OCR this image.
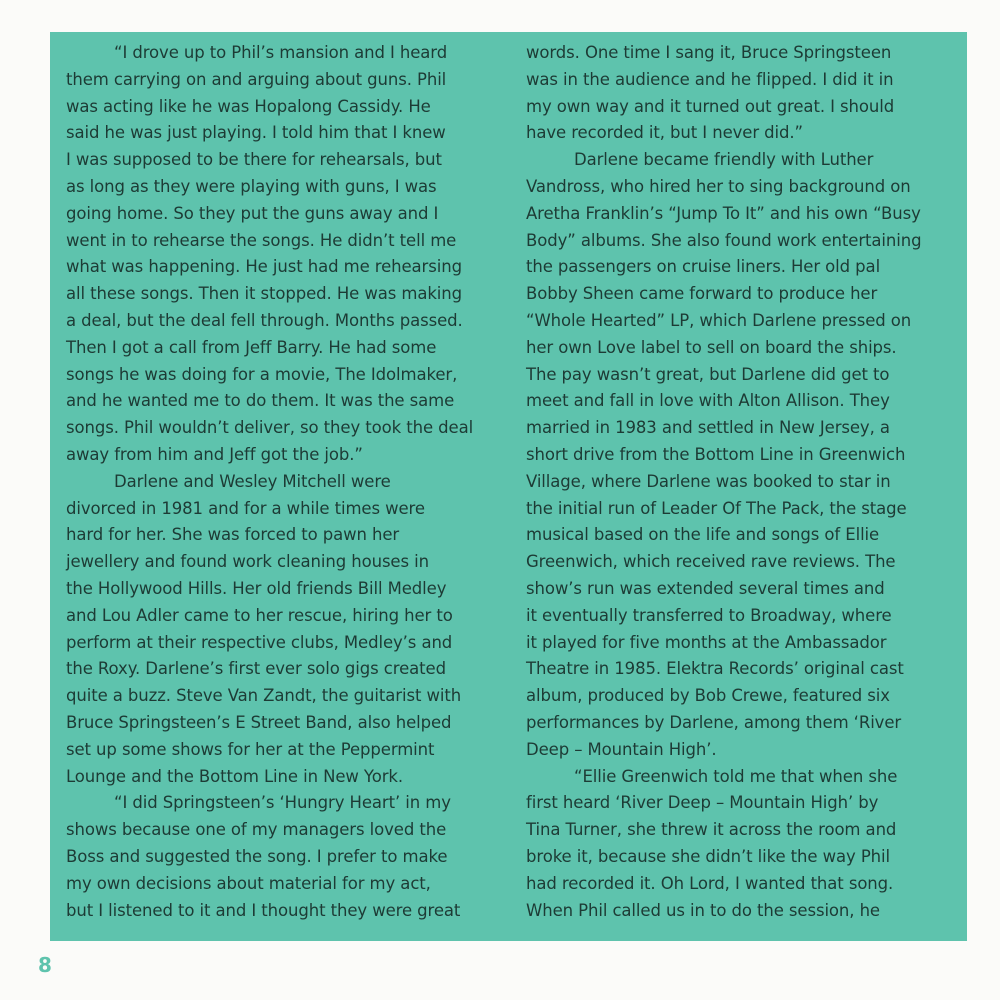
“I drove up to Phil’s mansion and I heard
them carrying on and arguing about guns. Phil
was acting like he was Hopalong Cassidy. He
said he was just playing. I told him that I knew
I was supposed to be there for rehearsals, but
as long as they were playing with guns, I was
going home. So they put the guns away and I
went in to rehearse the songs. He didn’t tell me
what was happening. He just had me rehearsing
all these songs. Then it stopped. He was making
a deal, but the deal fell through. Months passed.
Then I got a call from Jeff Barry. He had some
songs he was doing for a movie, The Idolmaker,
and he wanted me to do them. It was the same
songs. Phil wouldn’t deliver, so they took the deal
away from him and Jeff got the job.”
Darlene and Wesley Mitchell were
divorced in 1981 and for a while times were
hard for her. She was forced to pawn her
jewellery and found work cleaning houses in
the Hollywood Hills. Her old friends Bill Medley
and Lou Adler came to her rescue, hiring her to
perform at their respective clubs, Medley’s and
the Roxy. Darlene’s first ever solo gigs created
quite a buzz. Steve Van Zandt, the guitarist with
Bruce Springsteen’s E Street Band, also helped
set up some shows for her at the Peppermint
Lounge and the Bottom Line in New York.
“I did Springsteen’s ‘Hungry Heart’ in my
shows because one of my managers loved the
Boss and suggested the song. I prefer to make
my own decisions about material for my act,
but I listened to it and I thought they were great
words. One time I sang it, Bruce Springsteen
was in the audience and he flipped. I did it in
my own way and it turned out great. I should
have recorded it, but I never did.”
Darlene became friendly with Luther
Vandross, who hired her to sing background on
Aretha Franklin’s “Jump To It” and his own “Busy
Body” albums. She also found work entertaining
the passengers on cruise liners. Her old pal
Bobby Sheen came forward to produce her
“Whole Hearted” LP, which Darlene pressed on
her own Love label to sell on board the ships.
The pay wasn’t great, but Darlene did get to
meet and fall in love with Alton Allison. They
married in 1983 and settled in New Jersey, a
short drive from the Bottom Line in Greenwich
Village, where Darlene was booked to star in
the initial run of Leader Of The Pack, the stage
musical based on the life and songs of Ellie
Greenwich, which received rave reviews. The
show’s run was extended several times and
it eventually transferred to Broadway, where
it played for five months at the Ambassador
Theatre in 1985. Elektra Records’ original cast
album, produced by Bob Crewe, featured six
performances by Darlene, among them ‘River
Deep – Mountain High’.
“Ellie Greenwich told me that when she
first heard ‘River Deep – Mountain High’ by
Tina Turner, she threw it across the room and
broke it, because she didn’t like the way Phil
had recorded it. Oh Lord, I wanted that song.
When Phil called us in to do the session, he
8
